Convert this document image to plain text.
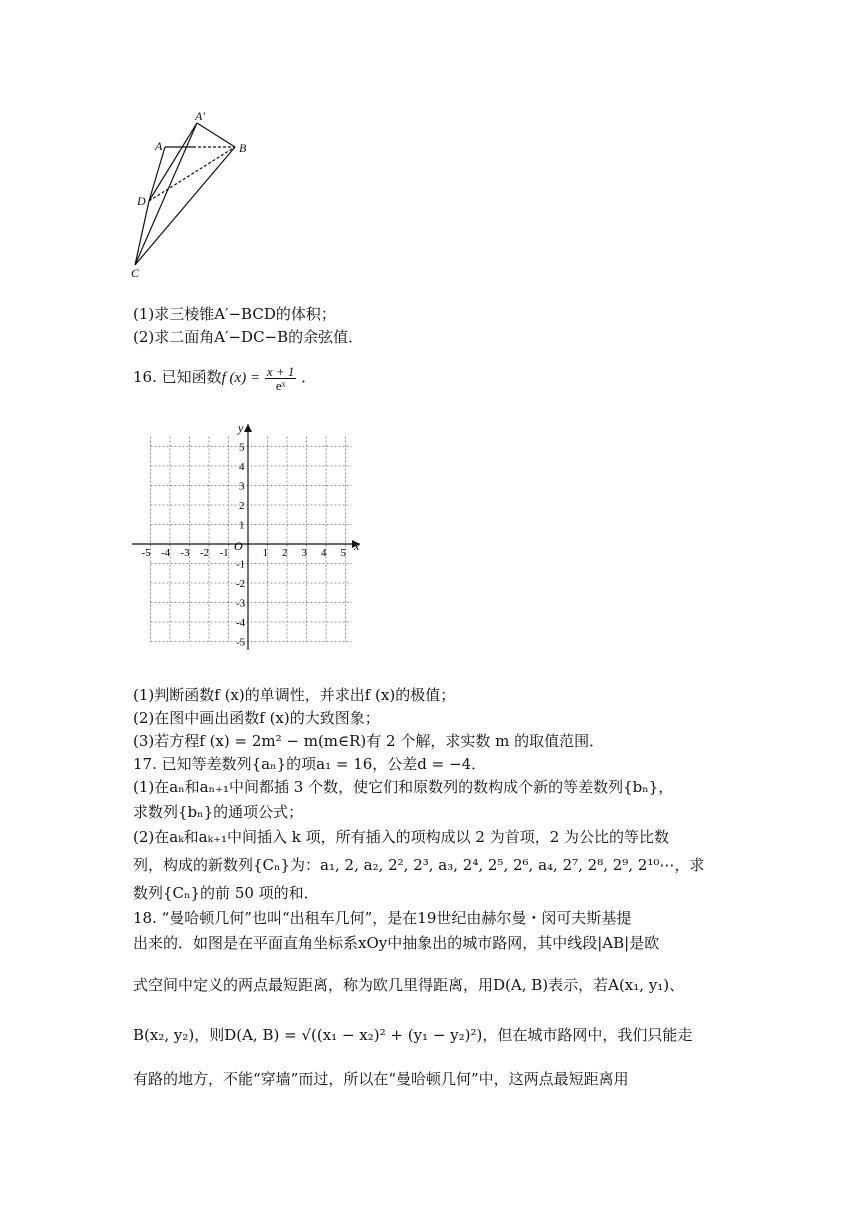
A′
A	B
D
C
(1)求三棱锥A′−BCD的体积；
(2)求二面角A′−DC−B的余弦值．
16. 已知函数f $(x) = \frac{x + 1}{\text{eˣ}}$ ．
x
y
O
-5 -4 -3 -2 -1	1 2 3 4 5
5
4
3
2
1
-1
-2
-3
-4
-5
(1)判断函数f (x)的单调性，并求出f (x)的极值；
(2)在图中画出函数f (x)的大致图象；
(3)若方程f (x) = 2m² − m(m∈R)有 2 个解，求实数 m 的取值范围．
17. 已知等差数列{aₙ}的项a₁ = 16，公差d = −4．
(1)在aₙ和aₙ₊₁中间都插 3 个数，使它们和原数列的数构成个新的等差数列{bₙ}，
求数列{bₙ}的通项公式；
(2)在aₖ和aₖ₊₁中间插入 k 项，所有插入的项构成以 2 为首项，2 为公比的等比数
列，构成的新数列{Cₙ}为：a₁, 2, a₂, 2², 2³, a₃, 2⁴, 2⁵, 2⁶, a₄, 2⁷, 2⁸, 2⁹, 2¹⁰⋯，求
数列{Cₙ}的前 50 项的和．
18. “曼哈顿几何”也叫“出租车几何”，是在19世纪由赫尔曼・闵可夫斯基提
出来的．如图是在平面直角坐标系xOy中抽象出的城市路网，其中线段|AB|是欧
式空间中定义的两点最短距离，称为欧几里得距离，用D(A, B)表示，若A(x₁, y₁)、
B(x₂, y₂)，则D(A, B) = √((x₁ − x₂)² + (y₁ − y₂)²)，但在城市路网中，我们只能走
有路的地方，不能“穿墙”而过，所以在“曼哈顿几何”中，这两点最短距离用
